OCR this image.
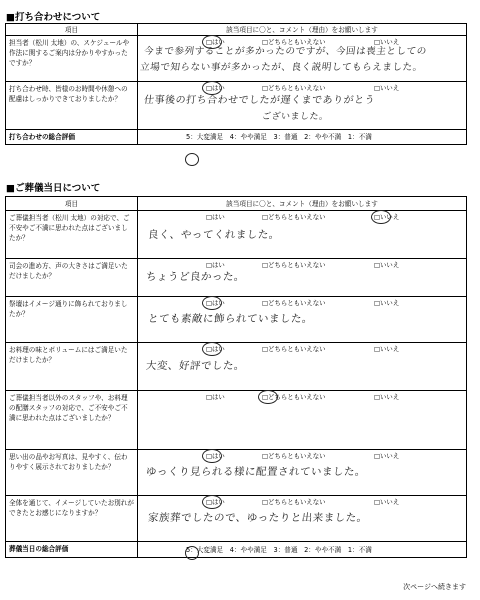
■打ち合わせについて
項目	該当項目に〇と、コメント（理由）をお願いします
担当者（松川 太地）の、スケジュールや作法に関するご案内は分かりやすかったですか？	□はい □どちらともいえない □いいえ
今まで参列することが多かったのですが、今回は喪主としての
立場で知らない事が多かったが、良く説明してもらえました。

打ち合わせ時、皆様のお時間や休憩への配慮はしっかりできておりましたか？	□はい □どちらともいえない □いいえ
仕事後の打ち合わせでしたが遅くまでありがとう
ございました。

打ち合わせの総合評価	5：大変満足　4：やや満足　3：普通　2：やや不満　1：不満
■ご葬儀当日について
項目	該当項目に〇と、コメント（理由）をお願いします
ご葬儀担当者（松川 太地）の対応で、ご不安やご不満に思われた点はございましたか？	□はい □どちらともいえない □いいえ
良く、やってくれました。

司会の進め方、声の大きさはご満足いただけましたか？	□はい □どちらともいえない □いいえ
ちょうど良かった。

祭壇はイメージ通りに飾られておりましたか？	□はい □どちらともいえない □いいえ
とても素敵に飾られていました。

お料理の味とボリュームにはご満足いただけましたか？	□はい □どちらともいえない □いいえ
大変、好評でした。

ご葬儀担当者以外のスタッフや、お料理の配膳スタッフの対応で、ご不安やご不満に思われた点はございましたか？	□はい □どちらともいえない □いいえ

思い出の品やお写真は、見やすく、伝わりやすく展示されておりましたか？	□はい □どちらともいえない □いいえ
ゆっくり見られる様に配置されていました。

全体を通じて、イメージしていたお別れができたとお感じになりますか？	□はい □どちらともいえない □いいえ
家族葬でしたので、ゆったりと出来ました。

葬儀当日の総合評価	5：大変満足　4：やや満足　3：普通　2：やや不満　1：不満
次ページへ続きます
